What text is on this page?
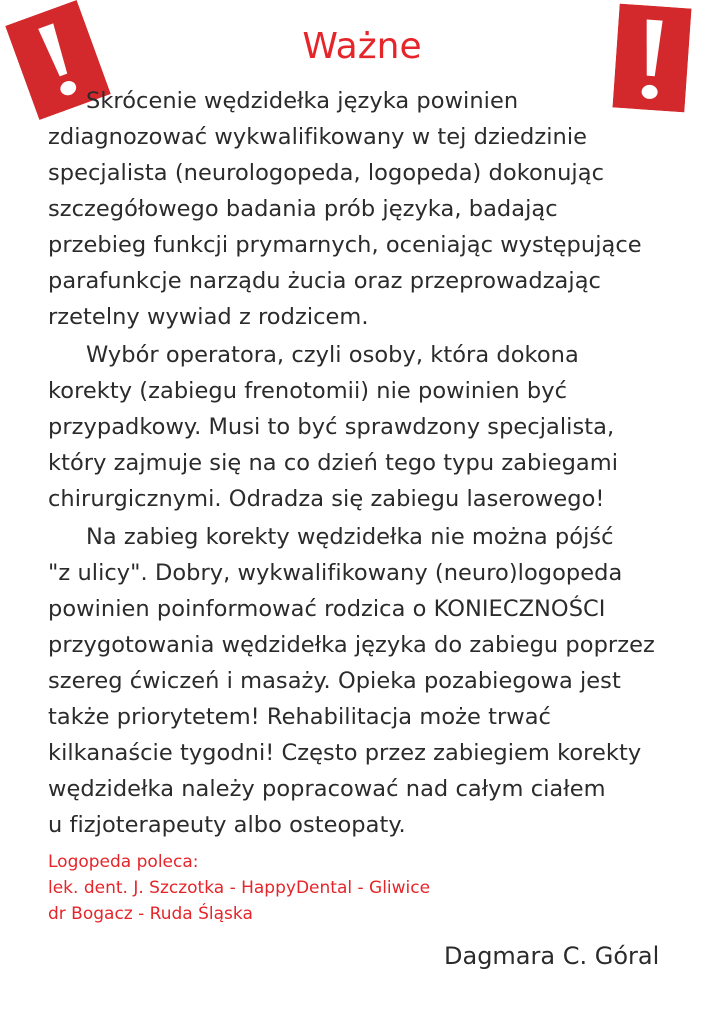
Ważne
Skrócenie wędzidełka języka powinien
zdiagnozować wykwalifikowany w tej dziedzinie
specjalista (neurologopeda, logopeda) dokonując
szczegółowego badania prób języka, badając
przebieg funkcji prymarnych, oceniając występujące
parafunkcje narządu żucia oraz przeprowadzając
rzetelny wywiad z rodzicem.
Wybór operatora, czyli osoby, która dokona
korekty (zabiegu frenotomii) nie powinien być
przypadkowy. Musi to być sprawdzony specjalista,
który zajmuje się na co dzień tego typu zabiegami
chirurgicznymi. Odradza się zabiegu laserowego!
Na zabieg korekty wędzidełka nie można pójść
"z ulicy". Dobry, wykwalifikowany (neuro)logopeda
powinien poinformować rodzica o KONIECZNOŚCI
przygotowania wędzidełka języka do zabiegu poprzez
szereg ćwiczeń i masaży. Opieka pozabiegowa jest
także priorytetem! Rehabilitacja może trwać
kilkanaście tygodni! Często przez zabiegiem korekty
wędzidełka należy popracować nad całym ciałem
u fizjoterapeuty albo osteopaty.
Logopeda poleca:
lek. dent. J. Szczotka - HappyDental - Gliwice
dr Bogacz - Ruda Śląska
Dagmara C. Góral
